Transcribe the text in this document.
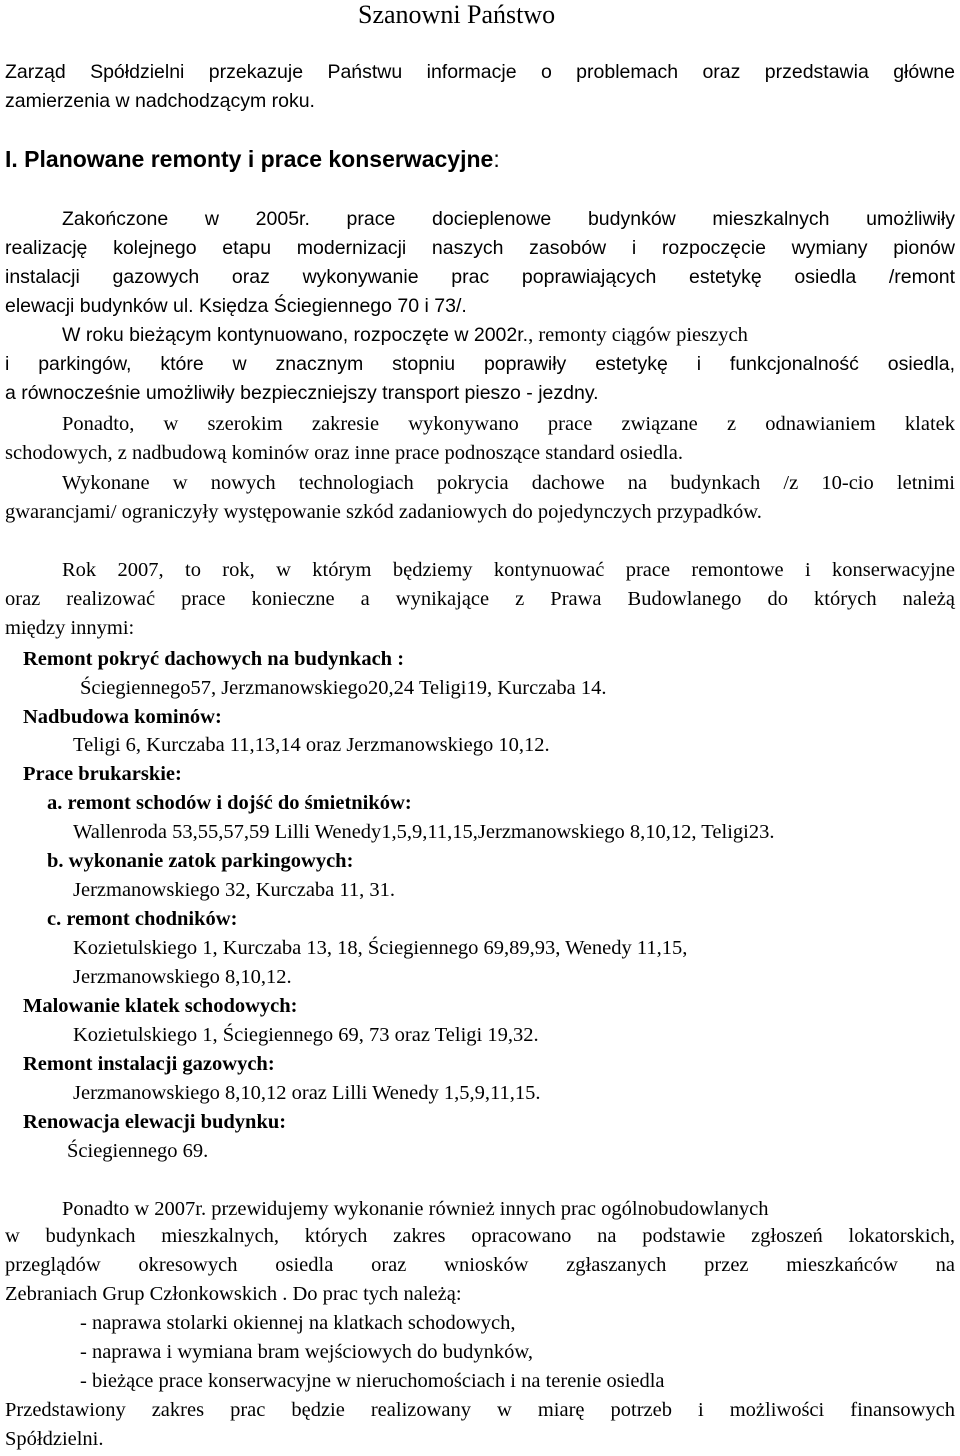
Szanowni Państwo
Zarząd Spółdzielni przekazuje Państwu informacje o problemach oraz przedstawia główne
zamierzenia w nadchodzącym roku.
I. Planowane remonty i prace konserwacyjne:
Zakończone w 2005r. prace docieplenowe budynków mieszkalnych umożliwiły
realizację kolejnego etapu modernizacji naszych zasobów i rozpoczęcie wymiany pionów
instalacji gazowych oraz wykonywanie prac poprawiających estetykę osiedla /remont
elewacji budynków ul. Księdza Ściegiennego 70 i 73/.
W roku bieżącym kontynuowano, rozpoczęte w 2002r., remonty ciągów pieszych
i parkingów, które w znacznym stopniu poprawiły estetykę i funkcjonalność osiedla,
a równocześnie umożliwiły bezpieczniejszy transport pieszo - jezdny.
Ponadto, w szerokim zakresie wykonywano prace związane z odnawianiem klatek
schodowych, z nadbudową kominów oraz inne prace podnoszące standard osiedla.
Wykonane w nowych technologiach pokrycia dachowe na budynkach /z 10-cio letnimi
gwarancjami/ ograniczyły występowanie szkód zadaniowych do pojedynczych przypadków.
Rok 2007, to rok, w którym będziemy kontynuować prace remontowe i konserwacyjne
oraz realizować prace konieczne a wynikające z Prawa Budowlanego do których należą
między innymi:
Remont pokryć dachowych na budynkach :
Ściegiennego57, Jerzmanowskiego20,24 Teligi19, Kurczaba 14.
Nadbudowa kominów:
Teligi 6, Kurczaba 11,13,14 oraz Jerzmanowskiego 10,12.
Prace brukarskie:
a. remont schodów i dojść do śmietników:
Wallenroda 53,55,57,59 Lilli Wenedy1,5,9,11,15,Jerzmanowskiego 8,10,12, Teligi23.
b. wykonanie zatok parkingowych:
Jerzmanowskiego 32, Kurczaba 11, 31.
c. remont chodników:
Kozietulskiego 1, Kurczaba 13, 18, Ściegiennego 69,89,93, Wenedy 11,15,
Jerzmanowskiego 8,10,12.
Malowanie klatek schodowych:
Kozietulskiego 1, Ściegiennego 69, 73 oraz Teligi 19,32.
Remont instalacji gazowych:
Jerzmanowskiego 8,10,12 oraz Lilli Wenedy 1,5,9,11,15.
Renowacja elewacji budynku:
Ściegiennego 69.
Ponadto w 2007r. przewidujemy wykonanie również innych prac ogólnobudowlanych
w budynkach mieszkalnych, których zakres opracowano na podstawie zgłoszeń lokatorskich,
przeglądów okresowych osiedla oraz wniosków zgłaszanych przez mieszkańców na
Zebraniach Grup Członkowskich . Do prac tych należą:
- naprawa stolarki okiennej na klatkach schodowych,
- naprawa i wymiana bram wejściowych do budynków,
- bieżące prace konserwacyjne w nieruchomościach i na terenie osiedla
Przedstawiony zakres prac będzie realizowany w miarę potrzeb i możliwości finansowych
Spółdzielni.
